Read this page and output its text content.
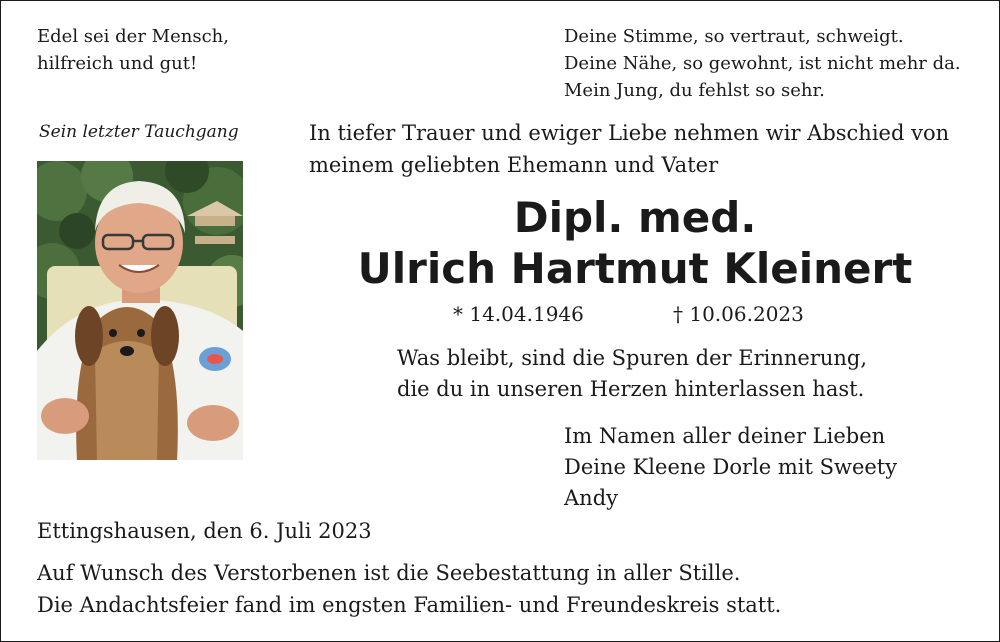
Edel sei der Mensch,
hilfreich und gut!
Deine Stimme, so vertraut, schweigt.
Deine Nähe, so gewohnt, ist nicht mehr da.
Mein Jung, du fehlst so sehr.
Sein letzter Tauchgang	In tiefer Trauer und ewiger Liebe nehmen wir Abschied von
meinem geliebten Ehemann und Vater
Dipl. med.
Ulrich Hartmut Kleinert
* 14.04.1946	† 10.06.2023
Was bleibt, sind die Spuren der Erinnerung,
die du in unseren Herzen hinterlassen hast.
Im Namen aller deiner Lieben
Deine Kleene Dorle mit Sweety
Andy
Ettingshausen, den 6. Juli 2023
Auf Wunsch des Verstorbenen ist die Seebestattung in aller Stille.
Die Andachtsfeier fand im engsten Familien- und Freundeskreis statt.
